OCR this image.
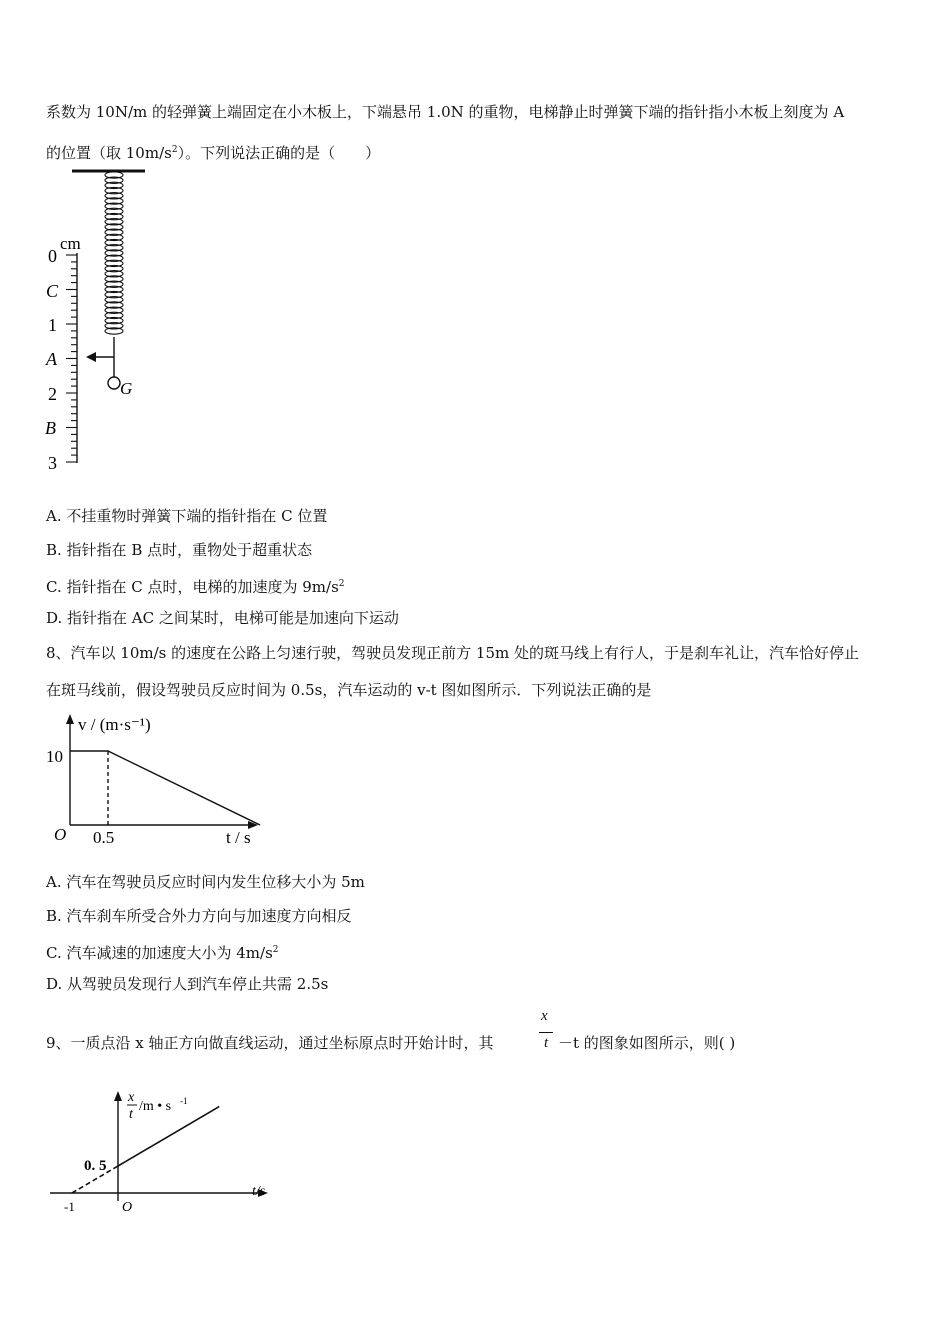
系数为 10N/m 的轻弹簧上端固定在小木板上，下端悬吊 1.0N 的重物，电梯静止时弹簧下端的指针指小木板上刻度为 A
的位置（取 $10m/s^2$）。下列说法正确的是（　　）
G
cm
0
C
1
A
2
B
3
A. 不挂重物时弹簧下端的指针指在 C 位置
B. 指针指在 B 点时，重物处于超重状态
C. 指针指在 C 点时，电梯的加速度为 $9m/s^2$
D. 指针指在 AC 之间某时，电梯可能是加速向下运动
8、汽车以 10m/s 的速度在公路上匀速行驶，驾驶员发现正前方 15m 处的斑马线上有行人，于是刹车礼让，汽车恰好停止
在斑马线前，假设驾驶员反应时间为 0.5s，汽车运动的 v-t 图如图所示．下列说法正确的是
v / (m·s⁻¹)
10
O 0.5	t / s
A. 汽车在驾驶员反应时间内发生位移大小为 5m
B. 汽车刹车所受合外力方向与加速度方向相反
C. 汽车减速的加速度大小为 $4m/s^2$
D. 从驾驶员发现行人到汽车停止共需 2.5s
9、一质点沿 x 轴正方向做直线运动，通过坐标原点时开始计时，其
x
t －t 的图象如图所示，则( )
x
t
/m • s -1
0. 5
-1	O
t/s
